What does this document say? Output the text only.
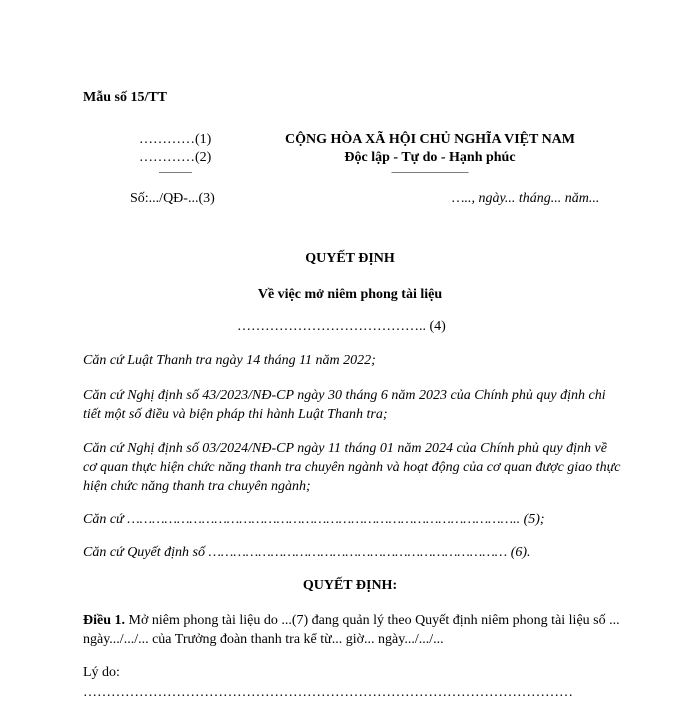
Mẫu số 15/TT
…………(1)
…………(2)
―――
Số:.../QĐ-...(3)
CỘNG HÒA XÃ HỘI CHỦ NGHĨA VIỆT NAM
Độc lập - Tự do - Hạnh phúc
―――――――
….., ngày... tháng... năm...
QUYẾT ĐỊNH
Về việc mở niêm phong tài liệu
………………………………….. (4)
Căn cứ Luật Thanh tra ngày 14 tháng 11 năm 2022;
Căn cứ Nghị định số 43/2023/NĐ-CP ngày 30 tháng 6 năm 2023 của Chính phủ quy định chi tiết một số điều và biện pháp thi hành Luật Thanh tra;
Căn cứ Nghị định số 03/2024/NĐ-CP ngày 11 tháng 01 năm 2024 của Chính phủ quy định về cơ quan thực hiện chức năng thanh tra chuyên ngành và hoạt động của cơ quan được giao thực hiện chức năng thanh tra chuyên ngành;
Căn cứ ………………………………………………………………………………….. (5);
Căn cứ Quyết định số ……………………………………………………………… (6).
QUYẾT ĐỊNH:
Điều 1. Mở niêm phong tài liệu do ...(7) đang quản lý theo Quyết định niêm phong tài liệu số ... ngày.../.../... của Trưởng đoàn thanh tra kể từ... giờ... ngày.../.../...
Lý do:
……………………………………………………………………………………………
